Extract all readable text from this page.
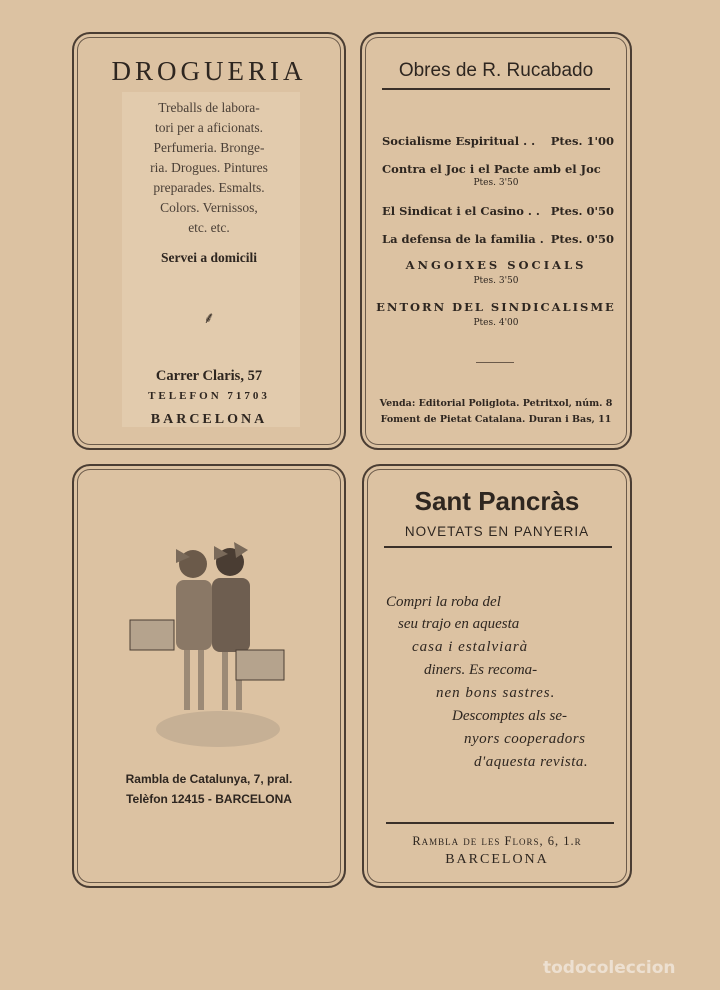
DROGUERIA
Treballs de labora-
tori per a aficionats.
Perfumeria. Bronge-
ria. Drogues. Pintures
preparades. Esmalts.
Colors. Vernissos,
etc. etc.
Servei a domicili
⸙
Carrer Claris, 57
TELEFON 71703
BARCELONA
Obres de R. Rucabado
Socialisme Espiritual . . Ptes. 1'00
Contra el Joc i el Pacte amb el Joc
Ptes. 3'50
El Sindicat i el Casino . . Ptes. 0'50
La defensa de la familia . Ptes. 0'50
ANGOIXES SOCIALS
Ptes. 3'50
ENTORN DEL SINDICALISME
Ptes. 4'00
Venda: Editorial Poliglota. Petritxol, núm. 8
Foment de Pietat Catalana. Duran i Bas, 11
Rambla de Catalunya, 7, pral.
Telèfon 12415 - BARCELONA
Sant Pancràs
NOVETATS EN PANYERIA
Compri la roba del
seu trajo en aquesta
casa i estalviarà
diners. Es recoma-
nen bons sastres.
Descomptes als se-
nyors cooperadors
d'aquesta revista.
Rambla de les Flors, 6, 1.r
BARCELONA
todocoleccion
